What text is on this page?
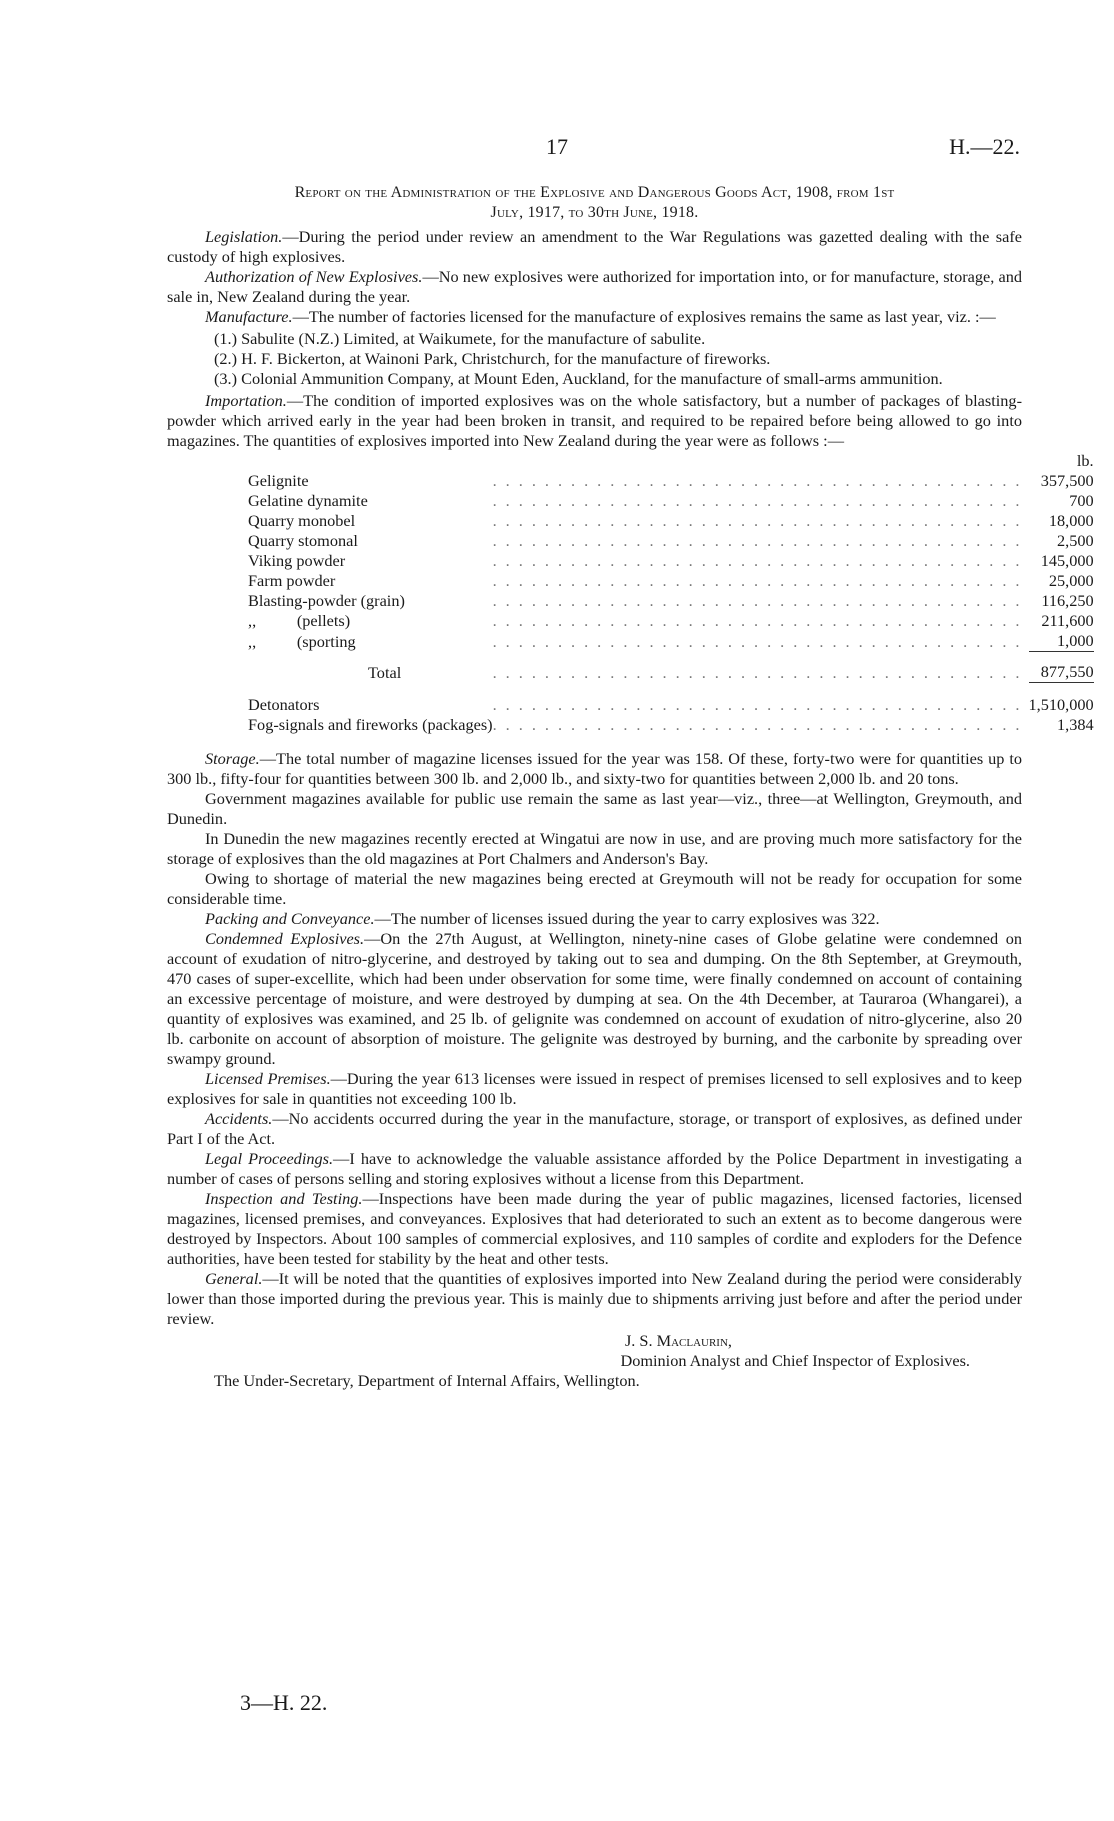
17	H.—22.
Report on the Administration of the Explosive and Dangerous Goods Act, 1908, from 1st
July, 1917, to 30th June, 1918.

Legislation.—During the period under review an amendment to the War Regulations was gazetted dealing with the safe custody of high explosives.

Authorization of New Explosives.—No new explosives were authorized for importation into, or for manufacture, storage, and sale in, New Zealand during the year.

Manufacture.—The number of factories licensed for the manufacture of explosives remains the same as last year, viz. :—

(1.) Sabulite (N.Z.) Limited, at Waikumete, for the manufacture of sabulite.
(2.) H. F. Bickerton, at Wainoni Park, Christchurch, for the manufacture of fireworks.
(3.) Colonial Ammunition Company, at Mount Eden, Auckland, for the manufacture of small-arms ammunition.

Importation.—The condition of imported explosives was on the whole satisfactory, but a number of packages of blasting-powder which arrived early in the year had been broken in transit, and required to be repaired before being allowed to go into magazines. The quantities of explosives imported into New Zealand during the year were as follows :—

		lb.
Gelignite	.........................................	357,500
Gelatine dynamite	.........................................	700
Quarry monobel	.........................................	18,000
Quarry stomonal	.........................................	2,500
Viking powder	.........................................	145,000
Farm powder	.........................................	25,000
Blasting-powder (grain)	.........................................	116,250
,,          (pellets)	.........................................	211,600
,,          (sporting	.........................................	1,000
Total	.........................................	877,550

Detonators	.........................................	1,510,000
Fog-signals and fireworks (packages)	.........................................	1,384

Storage.—The total number of magazine licenses issued for the year was 158. Of these, forty-two were for quantities up to 300 lb., fifty-four for quantities between 300 lb. and 2,000 lb., and sixty-two for quantities between 2,000 lb. and 20 tons.

Government magazines available for public use remain the same as last year—viz., three—at Wellington, Greymouth, and Dunedin.

In Dunedin the new magazines recently erected at Wingatui are now in use, and are proving much more satisfactory for the storage of explosives than the old magazines at Port Chalmers and Anderson's Bay.

Owing to shortage of material the new magazines being erected at Greymouth will not be ready for occupation for some considerable time.

Packing and Conveyance.—The number of licenses issued during the year to carry explosives was 322.

Condemned Explosives.—On the 27th August, at Wellington, ninety-nine cases of Globe gelatine were condemned on account of exudation of nitro-glycerine, and destroyed by taking out to sea and dumping. On the 8th September, at Greymouth, 470 cases of super-excellite, which had been under observation for some time, were finally condemned on account of containing an excessive percentage of moisture, and were destroyed by dumping at sea. On the 4th December, at Tauraroa (Whangarei), a quantity of explosives was examined, and 25 lb. of gelignite was condemned on account of exudation of nitro-glycerine, also 20 lb. carbonite on account of absorption of moisture. The gelignite was destroyed by burning, and the carbonite by spreading over swampy ground.

Licensed Premises.—During the year 613 licenses were issued in respect of premises licensed to sell explosives and to keep explosives for sale in quantities not exceeding 100 lb.

Accidents.—No accidents occurred during the year in the manufacture, storage, or transport of explosives, as defined under Part I of the Act.

Legal Proceedings.—I have to acknowledge the valuable assistance afforded by the Police Department in investigating a number of cases of persons selling and storing explosives without a license from this Department.

Inspection and Testing.—Inspections have been made during the year of public magazines, licensed factories, licensed magazines, licensed premises, and conveyances. Explosives that had deteriorated to such an extent as to become dangerous were destroyed by Inspectors. About 100 samples of commercial explosives, and 110 samples of cordite and exploders for the Defence authorities, have been tested for stability by the heat and other tests.

General.—It will be noted that the quantities of explosives imported into New Zealand during the period were considerably lower than those imported during the previous year. This is mainly due to shipments arriving just before and after the period under review.

J. S. Maclaurin,
Dominion Analyst and Chief Inspector of Explosives.
The Under-Secretary, Department of Internal Affairs, Wellington.
3—H. 22.
